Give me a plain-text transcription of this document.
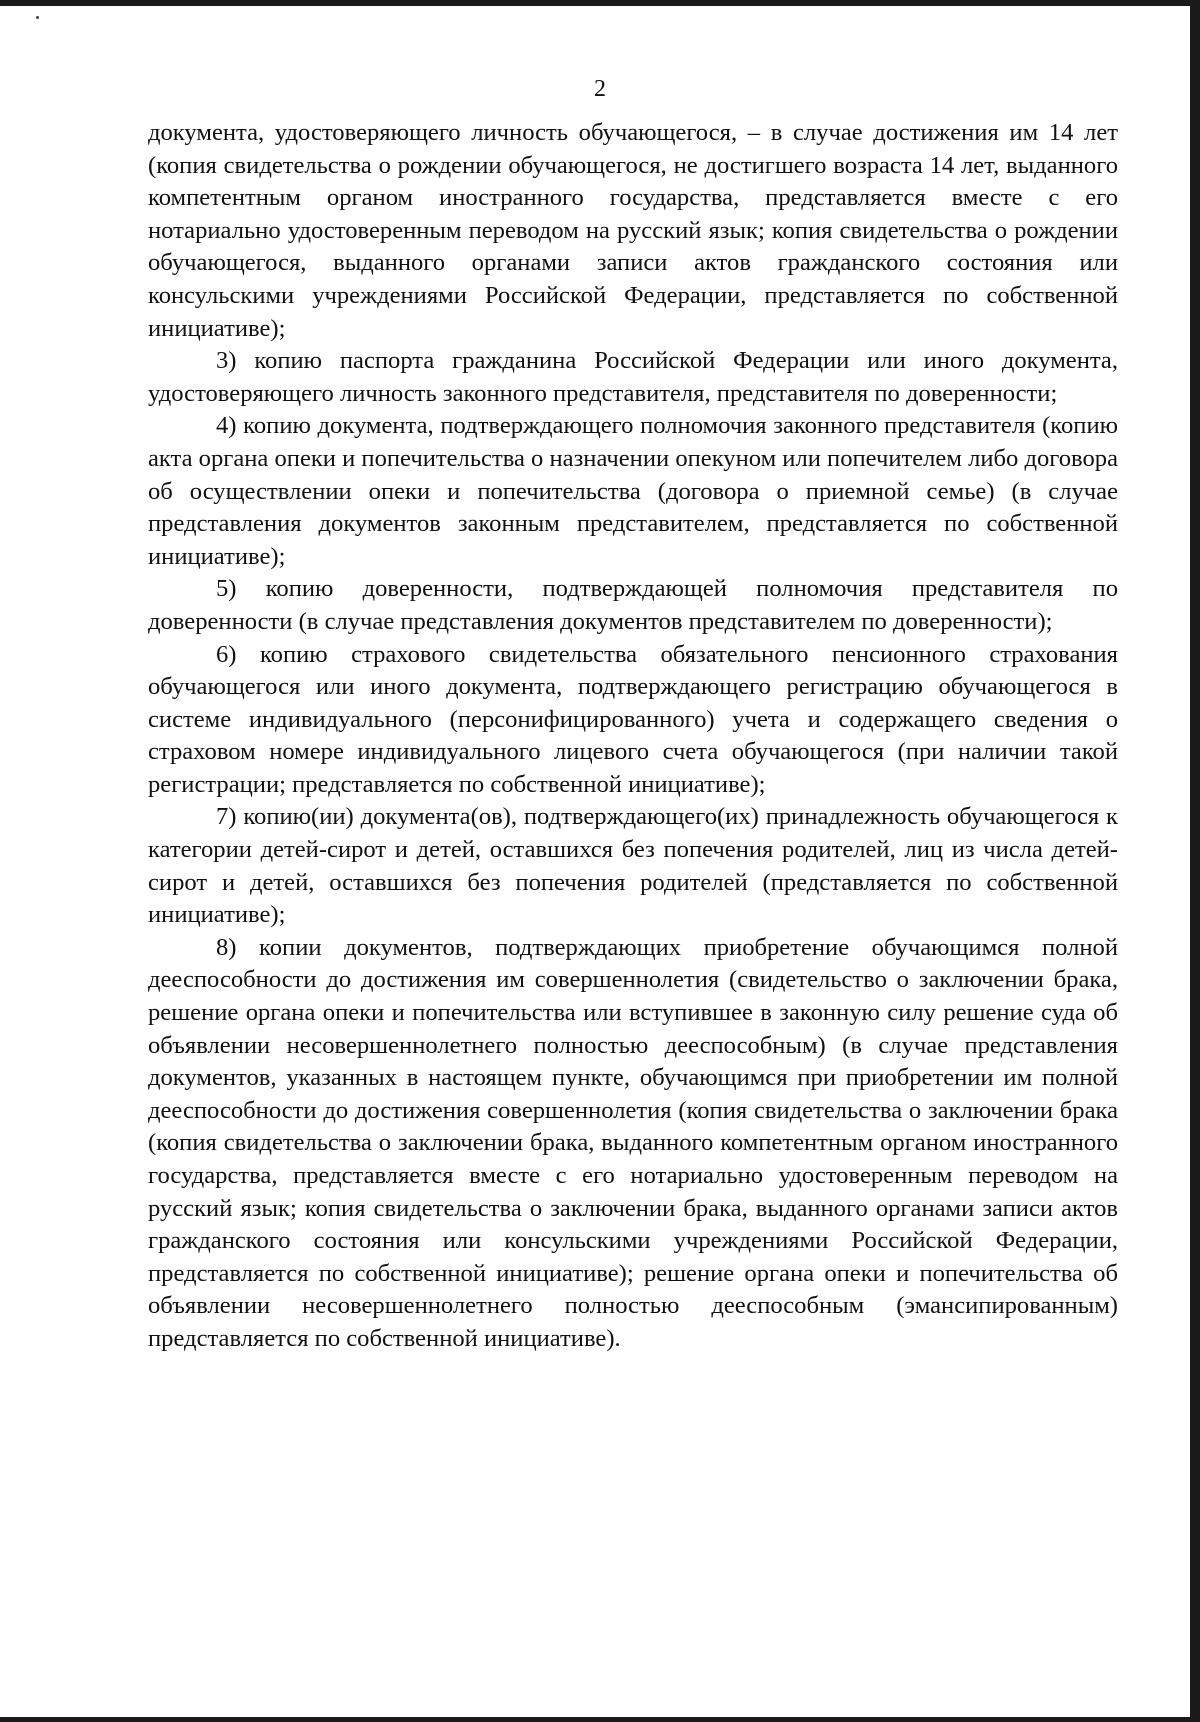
2

документа, удостоверяющего личность обучающегося, – в случае достижения им 14 лет (копия свидетельства о рождении обучающегося, не достигшего возраста 14 лет, выданного компетентным органом иностранного государства, представляется вместе с его нотариально удостоверенным переводом на русский язык; копия свидетельства о рождении обучающегося, выданного органами записи актов гражданского состояния или консульскими учреждениями Российской Федерации, представляется по собственной инициативе);

3) копию паспорта гражданина Российской Федерации или иного документа, удостоверяющего личность законного представителя, представителя по доверенности;

4) копию документа, подтверждающего полномочия законного представителя (копию акта органа опеки и попечительства о назначении опекуном или попечителем либо договора об осуществлении опеки и попечительства (договора о приемной семье) (в случае представления документов законным представителем, представляется по собственной инициативе);

5) копию доверенности, подтверждающей полномочия представителя по доверенности (в случае представления документов представителем по доверенности);

6) копию страхового свидетельства обязательного пенсионного страхования обучающегося или иного документа, подтверждающего регистрацию обучающегося в системе индивидуального (персонифицированного) учета и содержащего сведения о страховом номере индивидуального лицевого счета обучающегося (при наличии такой регистрации; представляется по собственной инициативе);

7) копию(ии) документа(ов), подтверждающего(их) принадлежность обучающегося к категории детей-сирот и детей, оставшихся без попечения родителей, лиц из числа детей-сирот и детей, оставшихся без попечения родителей (представляется по собственной инициативе);

8) копии документов, подтверждающих приобретение обучающимся полной дееспособности до достижения им совершеннолетия (свидетельство о заключении брака, решение органа опеки и попечительства или вступившее в законную силу решение суда об объявлении несовершеннолетнего полностью дееспособным) (в случае представления документов, указанных в настоящем пункте, обучающимся при приобретении им полной дееспособности до достижения совершеннолетия (копия свидетельства о заключении брака (копия свидетельства о заключении брака, выданного компетентным органом иностранного государства, представляется вместе с его нотариально удостоверенным переводом на русский язык; копия свидетельства о заключении брака, выданного органами записи актов гражданского состояния или консульскими учреждениями Российской Федерации, представляется по собственной инициативе); решение органа опеки и попечительства об объявлении несовершеннолетнего полностью дееспособным (эмансипированным) представляется по собственной инициативе).
